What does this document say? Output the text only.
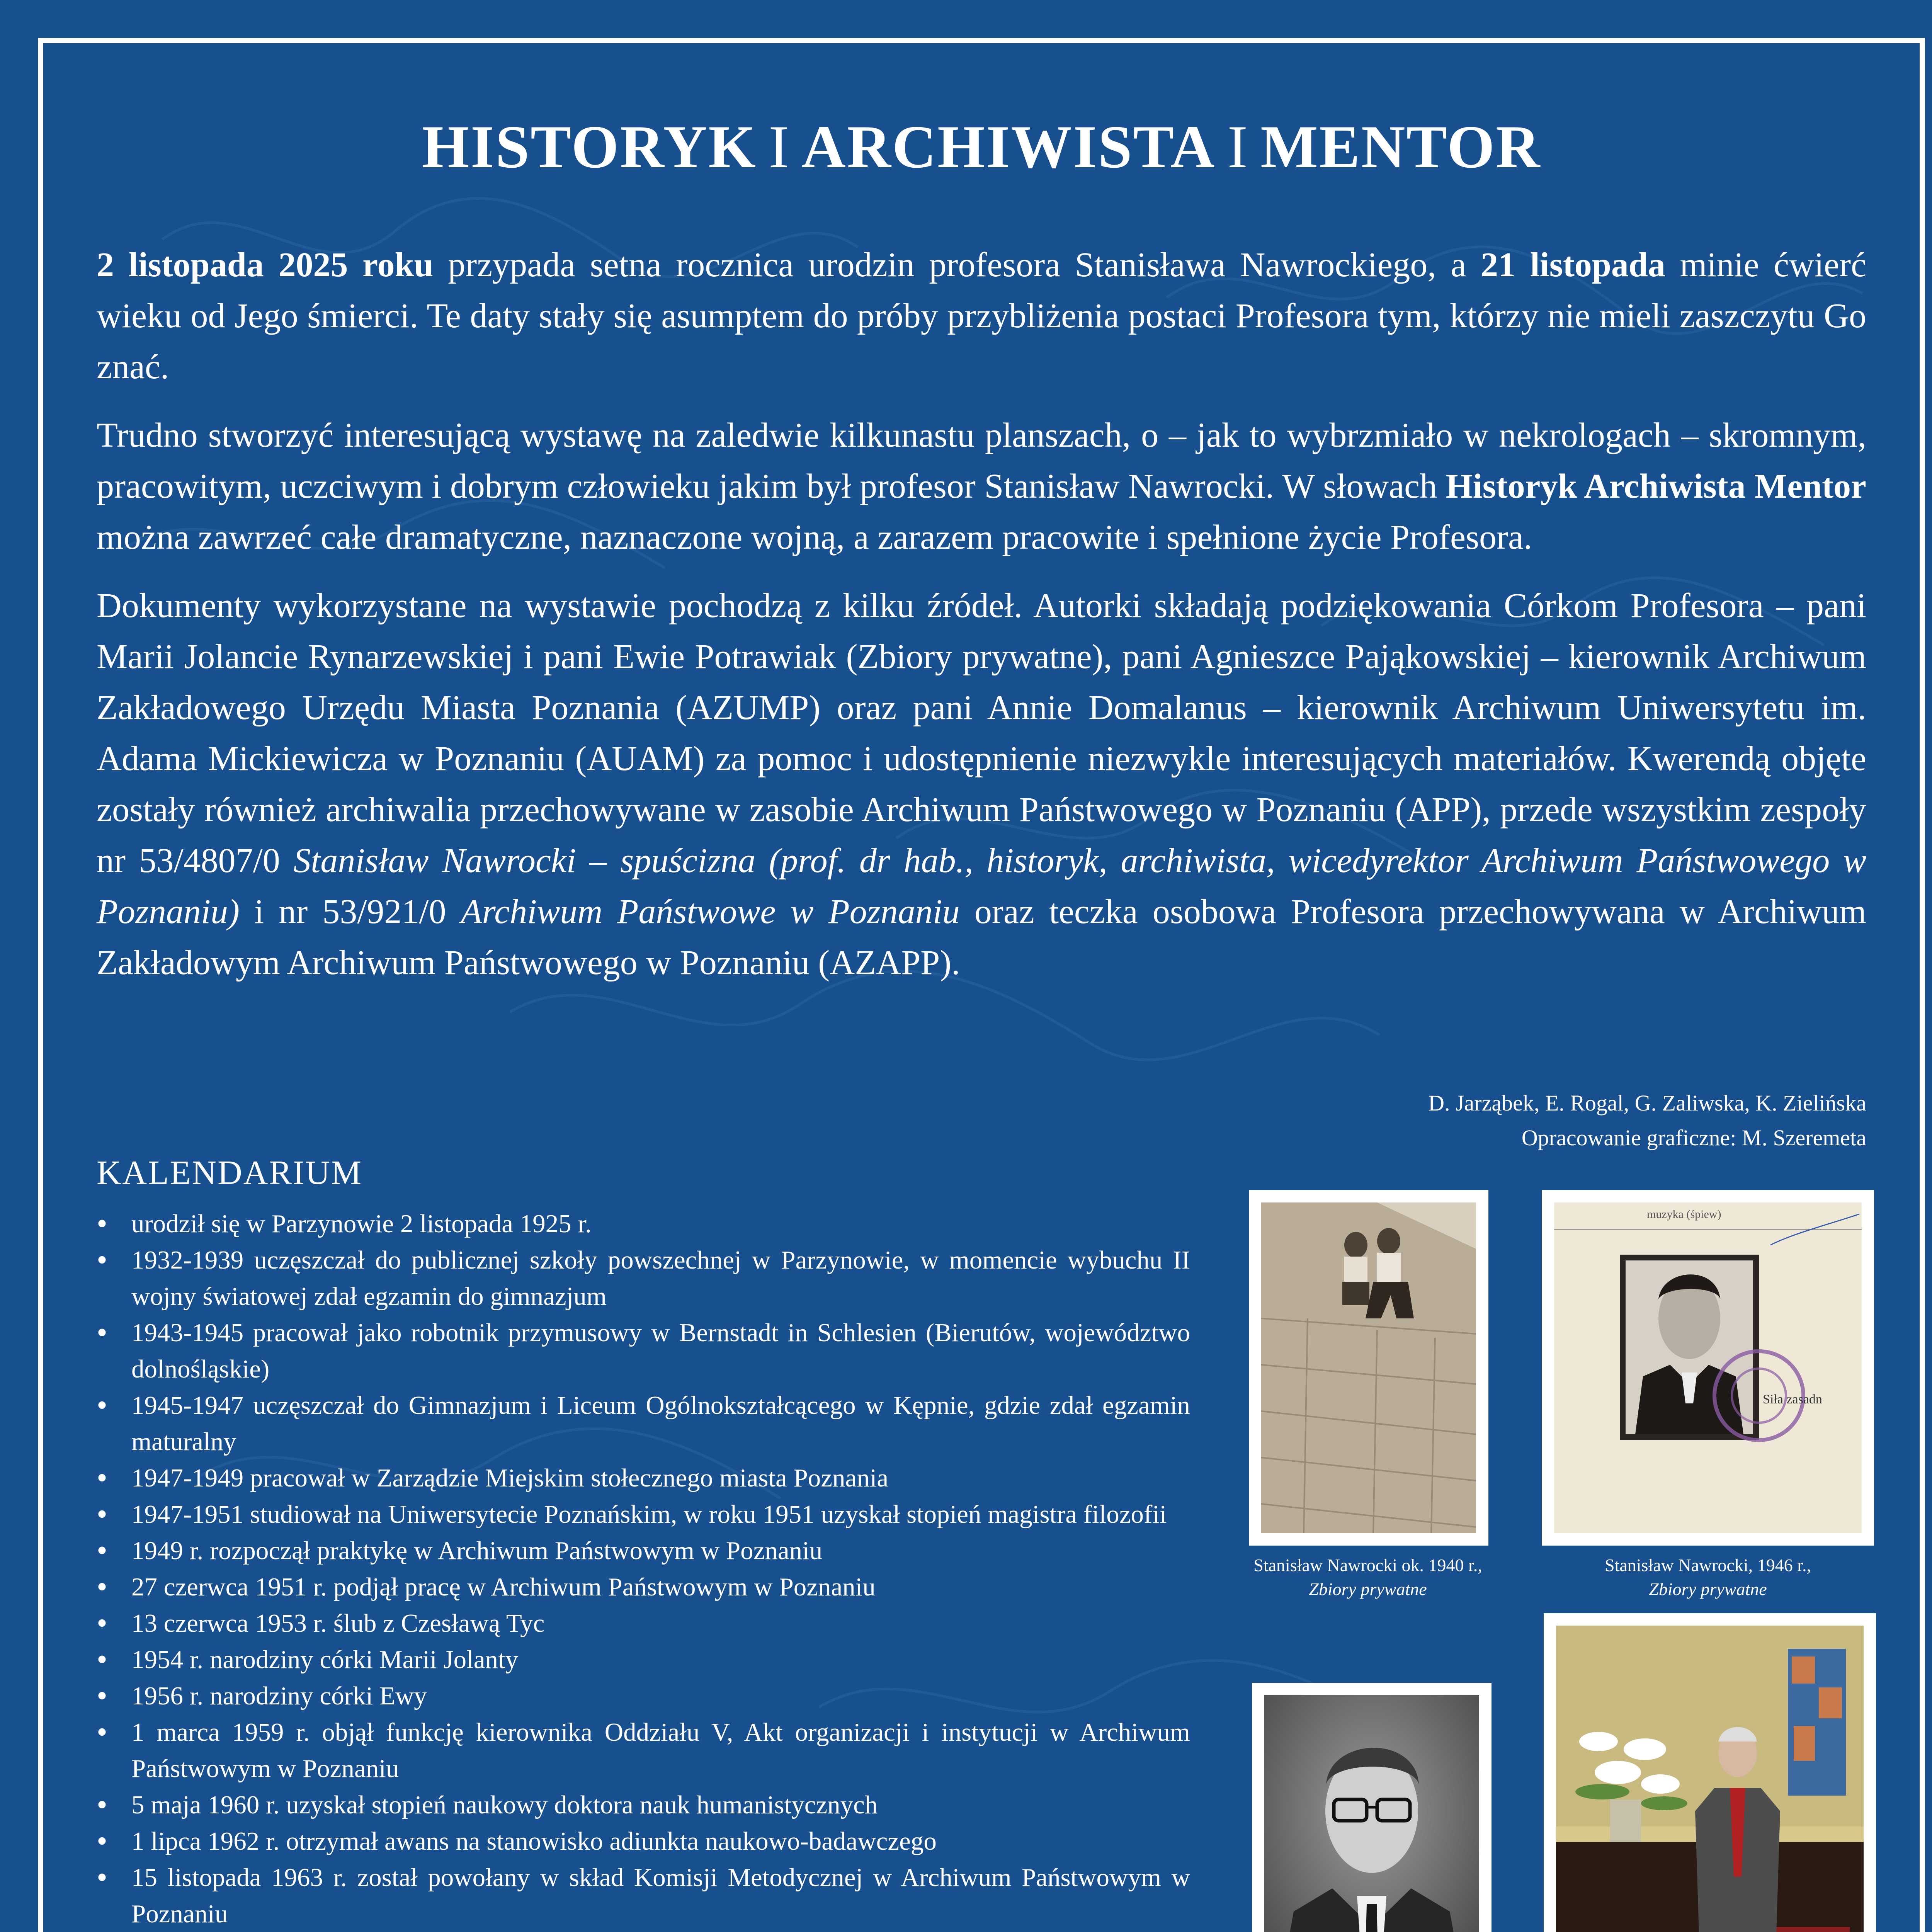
HISTORYK I ARCHIWISTA I MENTOR

2 listopada 2025 roku przypada setna rocznica urodzin profesora Stanisława Nawrockiego, a 21 listopada minie ćwierć wieku od Jego śmierci. Te daty stały się asumptem do próby przybliżenia postaci Profesora tym, którzy nie mieli zaszczytu Go znać.

Trudno stworzyć interesującą wystawę na zaledwie kilkunastu planszach, o – jak to wybrzmiało w nekrologach – skromnym, pracowitym, uczciwym i dobrym człowieku jakim był profesor Stanisław Nawrocki. W słowach Historyk Archiwista Mentor można zawrzeć całe dramatyczne, naznaczone wojną, a zarazem pracowite i spełnione życie Profesora.

Dokumenty wykorzystane na wystawie pochodzą z kilku źródeł. Autorki składają podziękowania Córkom Profesora – pani Marii Jolancie Rynarzewskiej i pani Ewie Potrawiak (Zbiory prywatne), pani Agnieszce Pająkowskiej – kierownik Archiwum Zakładowego Urzędu Miasta Poznania (AZUMP) oraz pani Annie Domalanus – kierownik Archiwum Uniwersytetu im. Adama Mickiewicza w Poznaniu (AUAM) za pomoc i udostępnienie niezwykle interesujących materiałów. Kwerendą objęte zostały również archiwalia przechowywane w zasobie Archiwum Państwowego w Poznaniu (APP), przede wszystkim zespoły nr 53/4807/0 Stanisław Nawrocki – spuścizna (prof. dr hab., historyk, archiwista, wicedyrektor Archiwum Państwowego w Poznaniu) i nr 53/921/0 Archiwum Państwowe w Poznaniu oraz teczka osobowa Profesora przechowywana w Archiwum Zakładowym Archiwum Państwowego w Poznaniu (AZAPP).

D. Jarząbek, E. Rogal, G. Zaliwska, K. Zielińska
Opracowanie graficzne: M. Szeremeta
KALENDARIUM
• urodził się w Parzynowie 2 listopada 1925 r.
• 1932-1939 uczęszczał do publicznej szkoły powszechnej w Parzynowie, w momencie wybuchu II wojny światowej zdał egzamin do gimnazjum
• 1943-1945 pracował jako robotnik przymusowy w Bernstadt in Schlesien (Bierutów, województwo dolnośląskie)
• 1945-1947 uczęszczał do Gimnazjum i Liceum Ogólnokształcącego w Kępnie, gdzie zdał egzamin maturalny
• 1947-1949 pracował w Zarządzie Miejskim stołecznego miasta Poznania
• 1947-1951 studiował na Uniwersytecie Poznańskim, w roku 1951 uzyskał stopień magistra filozofii
• 1949 r. rozpoczął praktykę w Archiwum Państwowym w Poznaniu
• 27 czerwca 1951 r. podjął pracę w Archiwum Państwowym w Poznaniu
• 13 czerwca 1953 r. ślub z Czesławą Tyc
• 1954 r. narodziny córki Marii Jolanty
• 1956 r. narodziny córki Ewy
• 1 marca 1959 r. objął funkcję kierownika Oddziału V, Akt organizacji i instytucji w Archiwum Państwowym w Poznaniu
• 5 maja 1960 r. uzyskał stopień naukowy doktora nauk humanistycznych
• 1 lipca 1962 r. otrzymał awans na stanowisko adiunkta naukowo-badawczego
• 15 listopada 1963 r. został powołany w skład Komisji Metodycznej w Archiwum Państwowym w Poznaniu
Stanisław Nawrocki ok. 1940 r.,
Zbiory prywatne
muzyka (śpiew)
Siła zasadn
Stanisław Nawrocki, 1946 r.,
Zbiory prywatne
